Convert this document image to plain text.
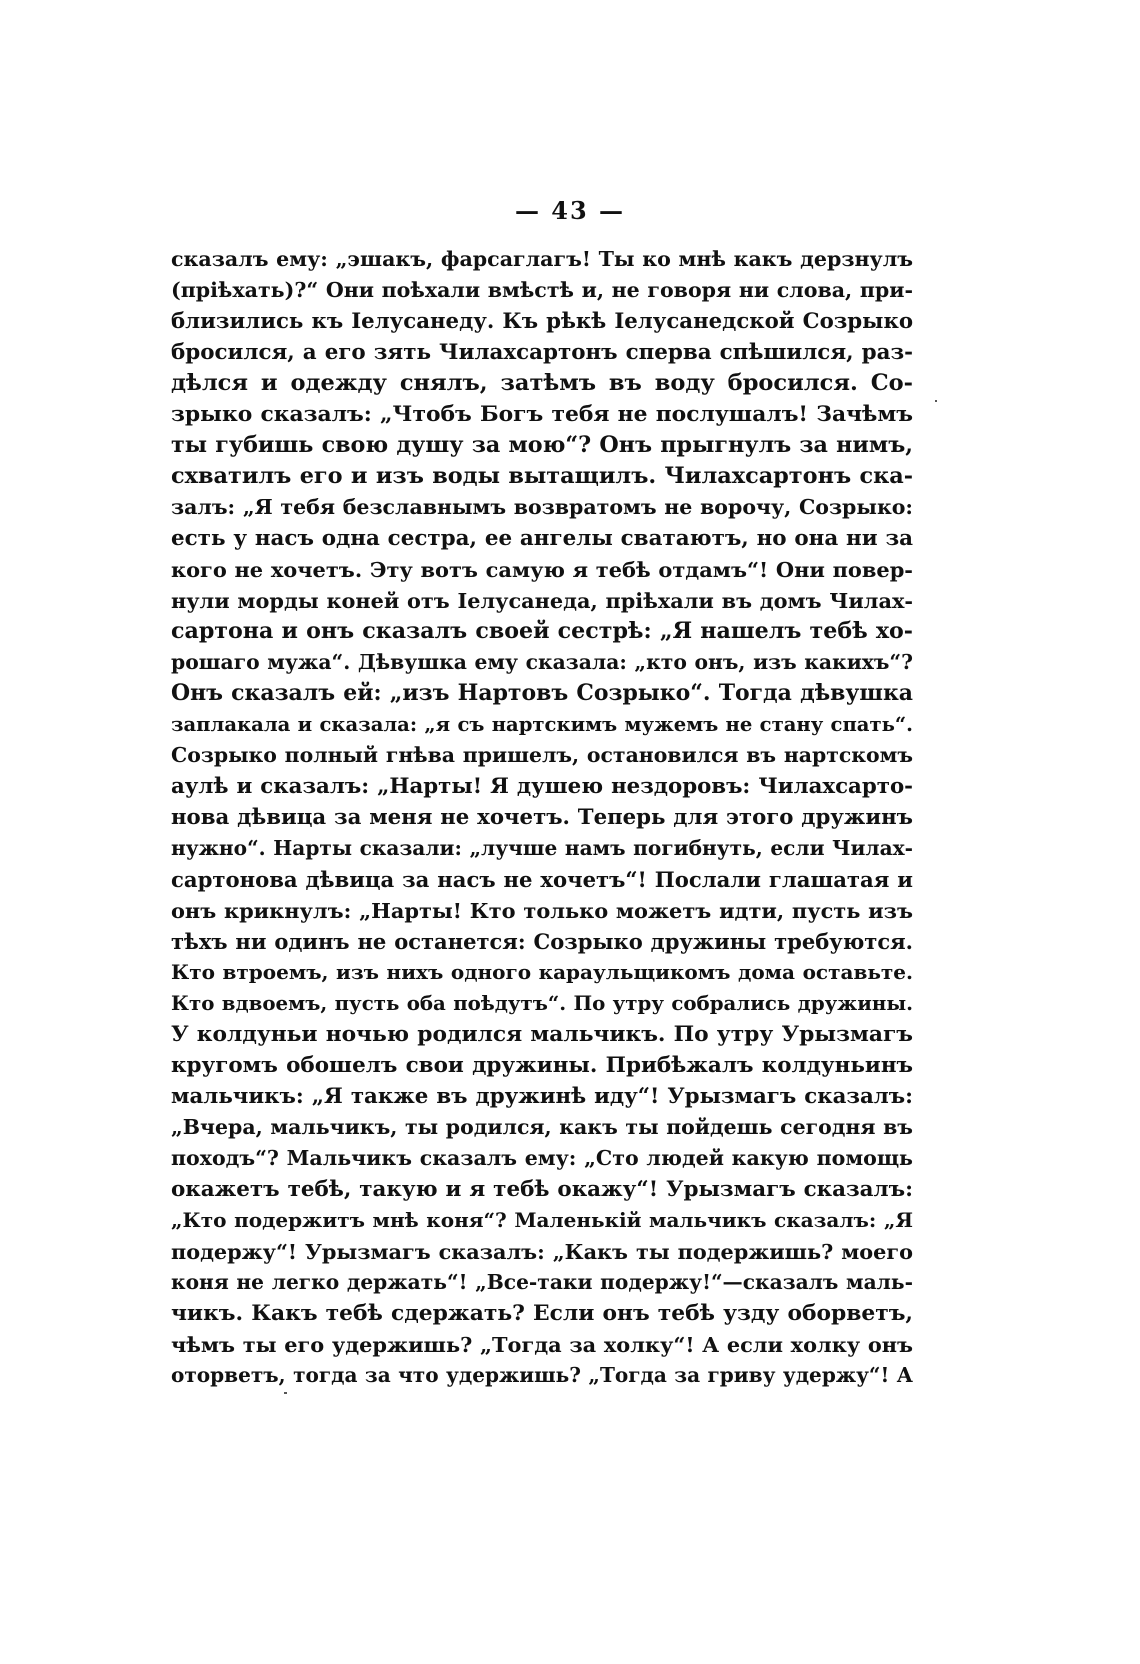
— 43 —
сказалъ ему: „эшакъ, фарсаглагъ! Ты ко мнѣ какъ дерзнулъ
(пріѣхать)?“ Они поѣхали вмѣстѣ и, не говоря ни слова, при-
близились къ Іелусанеду. Къ рѣкѣ Іелусанедской Созрыко
бросился, а его зять Чилахсартонъ сперва спѣшился, раз-
дѣлся и одежду снялъ, затѣмъ въ воду бросился. Со-
зрыко сказалъ: „Чтобъ Богъ тебя не послушалъ! Зачѣмъ
ты губишь свою душу за мою“? Онъ прыгнулъ за нимъ,
схватилъ его и изъ воды вытащилъ. Чилахсартонъ ска-
залъ: „Я тебя безславнымъ возвратомъ не ворочу, Созрыко:
есть у насъ одна сестра, ее ангелы сватаютъ, но она ни за
кого не хочетъ. Эту вотъ самую я тебѣ отдамъ“! Они повер-
нули морды коней отъ Іелусанеда, пріѣхали въ домъ Чилах-
сартона и онъ сказалъ своей сестрѣ: „Я нашелъ тебѣ хо-
рошаго мужа“. Дѣвушка ему сказала: „кто онъ, изъ какихъ“?
Онъ сказалъ ей: „изъ Нартовъ Созрыко“. Тогда дѣвушка
заплакала и сказала: „я съ нартскимъ мужемъ не стану спать“.
Созрыко полный гнѣва пришелъ, остановился въ нартскомъ
аулѣ и сказалъ: „Нарты! Я душею нездоровъ: Чилахсарто-
нова дѣвица за меня не хочетъ. Теперь для этого дружинъ
нужно“. Нарты сказали: „лучше намъ погибнуть, если Чилах-
сартонова дѣвица за насъ не хочетъ“! Послали глашатая и
онъ крикнулъ: „Нарты! Кто только можетъ идти, пусть изъ
тѣхъ ни одинъ не останется: Созрыко дружины требуются.
Кто втроемъ, изъ нихъ одного караульщикомъ дома оставьте.
Кто вдвоемъ, пусть оба поѣдутъ“. По утру собрались дружины.
У колдуньи ночью родился мальчикъ. По утру Урызмагъ
кругомъ обошелъ свои дружины. Прибѣжалъ колдуньинъ
мальчикъ: „Я также въ дружинѣ иду“! Урызмагъ сказалъ:
„Вчера, мальчикъ, ты родился, какъ ты пойдешь сегодня въ
походъ“? Мальчикъ сказалъ ему: „Сто людей какую помощь
окажетъ тебѣ, такую и я тебѣ окажу“! Урызмагъ сказалъ:
„Кто подержитъ мнѣ коня“? Маленькій мальчикъ сказалъ: „Я
подержу“! Урызмагъ сказалъ: „Какъ ты подержишь? моего
коня не легко держать“! „Все-таки подержу!“—сказалъ маль-
чикъ. Какъ тебѣ сдержать? Если онъ тебѣ узду оборветъ,
чѣмъ ты его удержишь? „Тогда за холку“! А если холку онъ
оторветъ, тогда за что удержишь? „Тогда за гриву удержу“! А
